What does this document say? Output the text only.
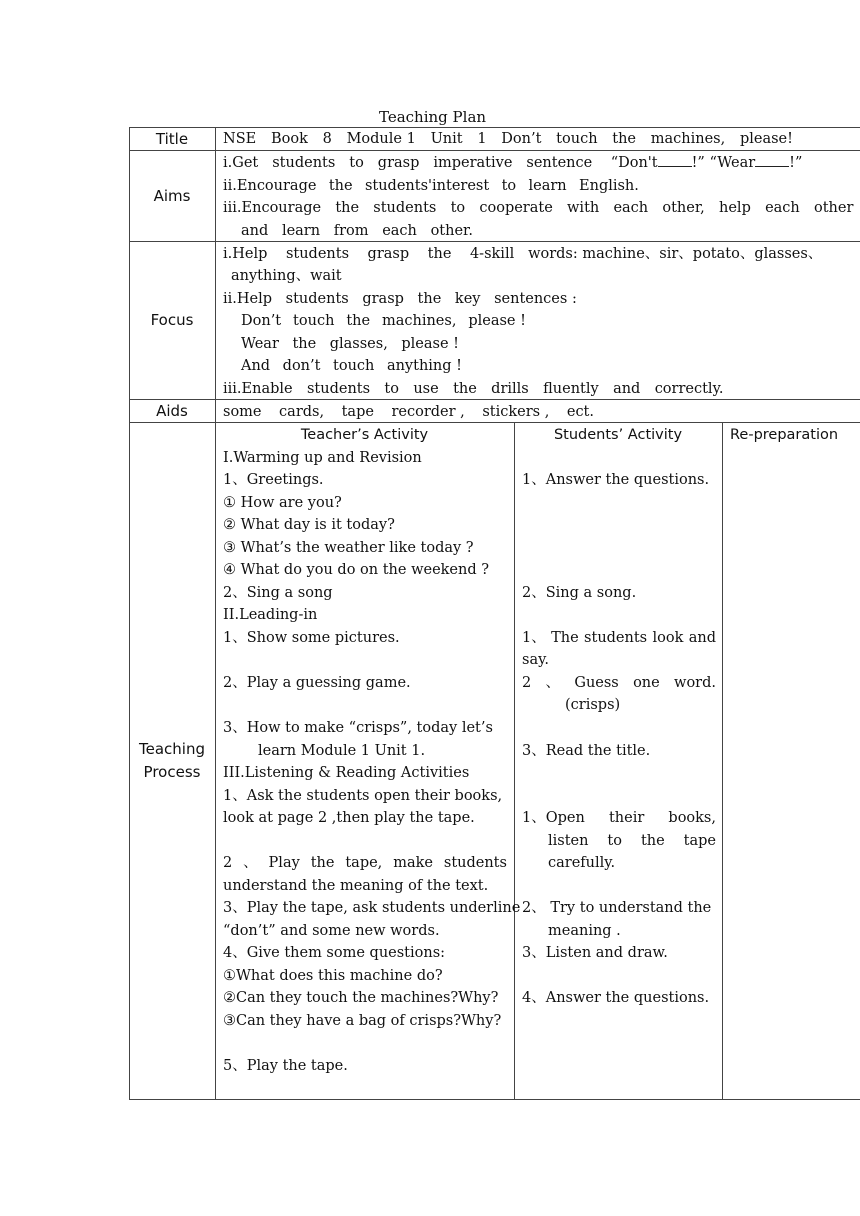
Teaching Plan
Title
Aims
Focus
Aids
Teaching
Process
NSE Book 8 Module 1 Unit 1 Don’t touch the machines, please!
i. Get students to grasp imperative sentence “Don't !” “Wear !”
ii. Encourage the students'interest to learn English.
iii. Encourage the students to cooperate with each other, help each other
and learn from each other.
i. Help students grasp the 4-skill words: machine、sir、potato、glasses、
anything、wait
ii. Help students grasp the key sentences :
Don’t touch the machines, please !
Wear the glasses, please !
And don’t touch anything !
iii. Enable students to use the drills fluently and correctly.
some cards, tape recorder , stickers , ect.
Teacher’s Activity	Students’ Activity	Re-preparation
I.Warming up and Revision
1、Greetings.
① How are you?
② What day is it today?
③ What’s the weather like today ?
④ What do you do on the weekend ?
2、Sing a song
II.Leading-in
1、Show some pictures.
2、Play a guessing game.
3、How to make “crisps”, today let’s
learn Module 1 Unit 1.
III.Listening & Reading Activities
1、Ask the students open their books,
look at page 2 ,then play the tape.
2 、 Play the tape, make students
understand the meaning of the text.
3、Play the tape, ask students underline
“don’t” and some new words.
4、Give them some questions:
①What does this machine do?
②Can they touch the machines?Why?
③Can they have a bag of crisps?Why?
5、Play the tape.
1、Answer the questions.
2、Sing a song.
1、 The students look and
say.
2 、 Guess one word.
(crisps)
3、Read the title.
1、Open their books,
listen to the tape
carefully.
2、 Try to understand the
meaning .
3、Listen and draw.
4、Answer the questions.
